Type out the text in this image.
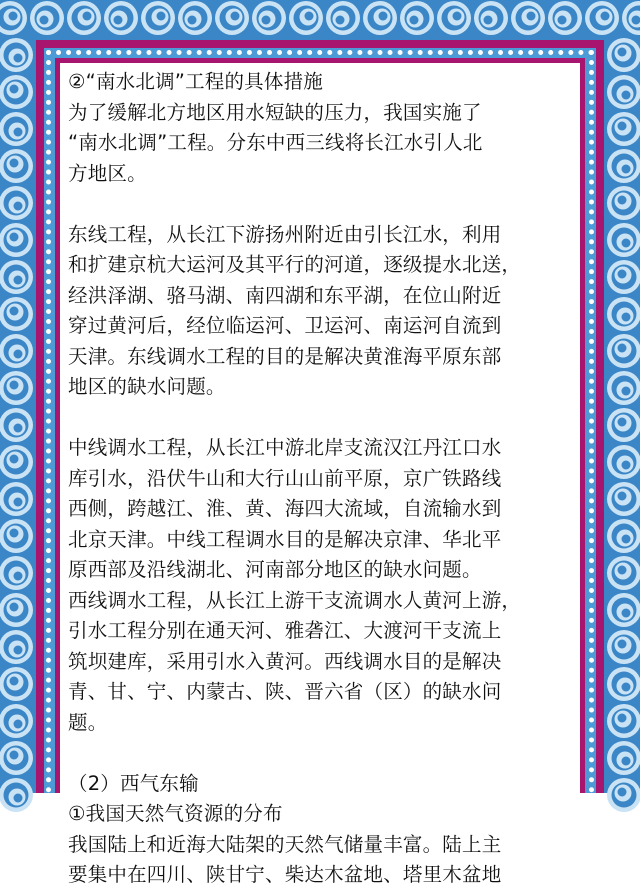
②“南水北调”工程的具体措施

为了缓解北方地区用水短缺的压力，我国实施了

“南水北调”工程。分东中西三线将长江水引人北

方地区。

东线工程，从长江下游扬州附近由引长江水，利用

和扩建京杭大运河及其平行的河道，逐级提水北送，

经洪泽湖、骆马湖、南四湖和东平湖，在位山附近

穿过黄河后，经位临运河、卫运河、南运河自流到

天津。东线调水工程的目的是解决黄淮海平原东部

地区的缺水问题。

中线调水工程，从长江中游北岸支流汉江丹江口水

库引水，沿伏牛山和大行山山前平原，京广铁路线

西侧，跨越江、淮、黄、海四大流域，自流输水到

北京天津。中线工程调水目的是解决京津、华北平

原西部及沿线湖北、河南部分地区的缺水问题。

西线调水工程，从长江上游干支流调水人黄河上游，

引水工程分别在通天河、雅砻江、大渡河干支流上

筑坝建库，采用引水入黄河。西线调水目的是解决

青、甘、宁、内蒙古、陕、晋六省（区）的缺水问

题。

（2）西气东输

①我国天然气资源的分布

我国陆上和近海大陆架的天然气储量丰富。陆上主

要集中在四川、陕甘宁、柴达木盆地、塔里木盆地
